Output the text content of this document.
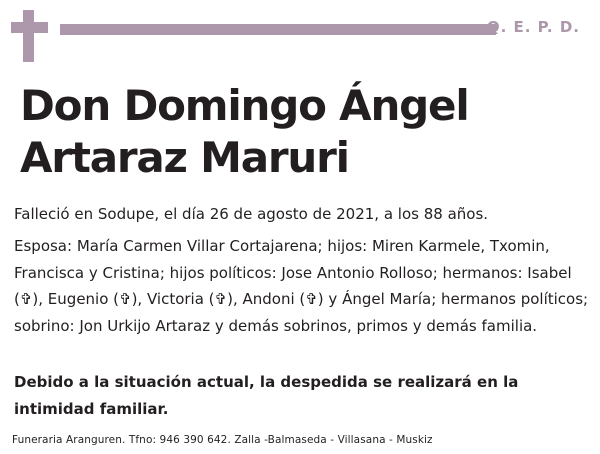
Q. E. P. D.
Don Domingo Ángel
Artaraz Maruri

Falleció en Sodupe, el día 26 de agosto de 2021, a los 88 años.

Esposa: María Carmen Villar Cortajarena; hijos: Miren Karmele, Txomin, Francisca y Cristina; hijos políticos: Jose Antonio Rolloso; hermanos: Isabel (✞), Eugenio (✞), Victoria (✞), Andoni (✞) y Ángel María; hermanos políticos; sobrino: Jon Urkijo Artaraz y demás sobrinos, primos y demás familia.

Debido a la situación actual, la despedida se realizará en la intimidad familiar.

Funeraria Aranguren. Tfno: 946 390 642. Zalla -Balmaseda - Villasana - Muskiz
